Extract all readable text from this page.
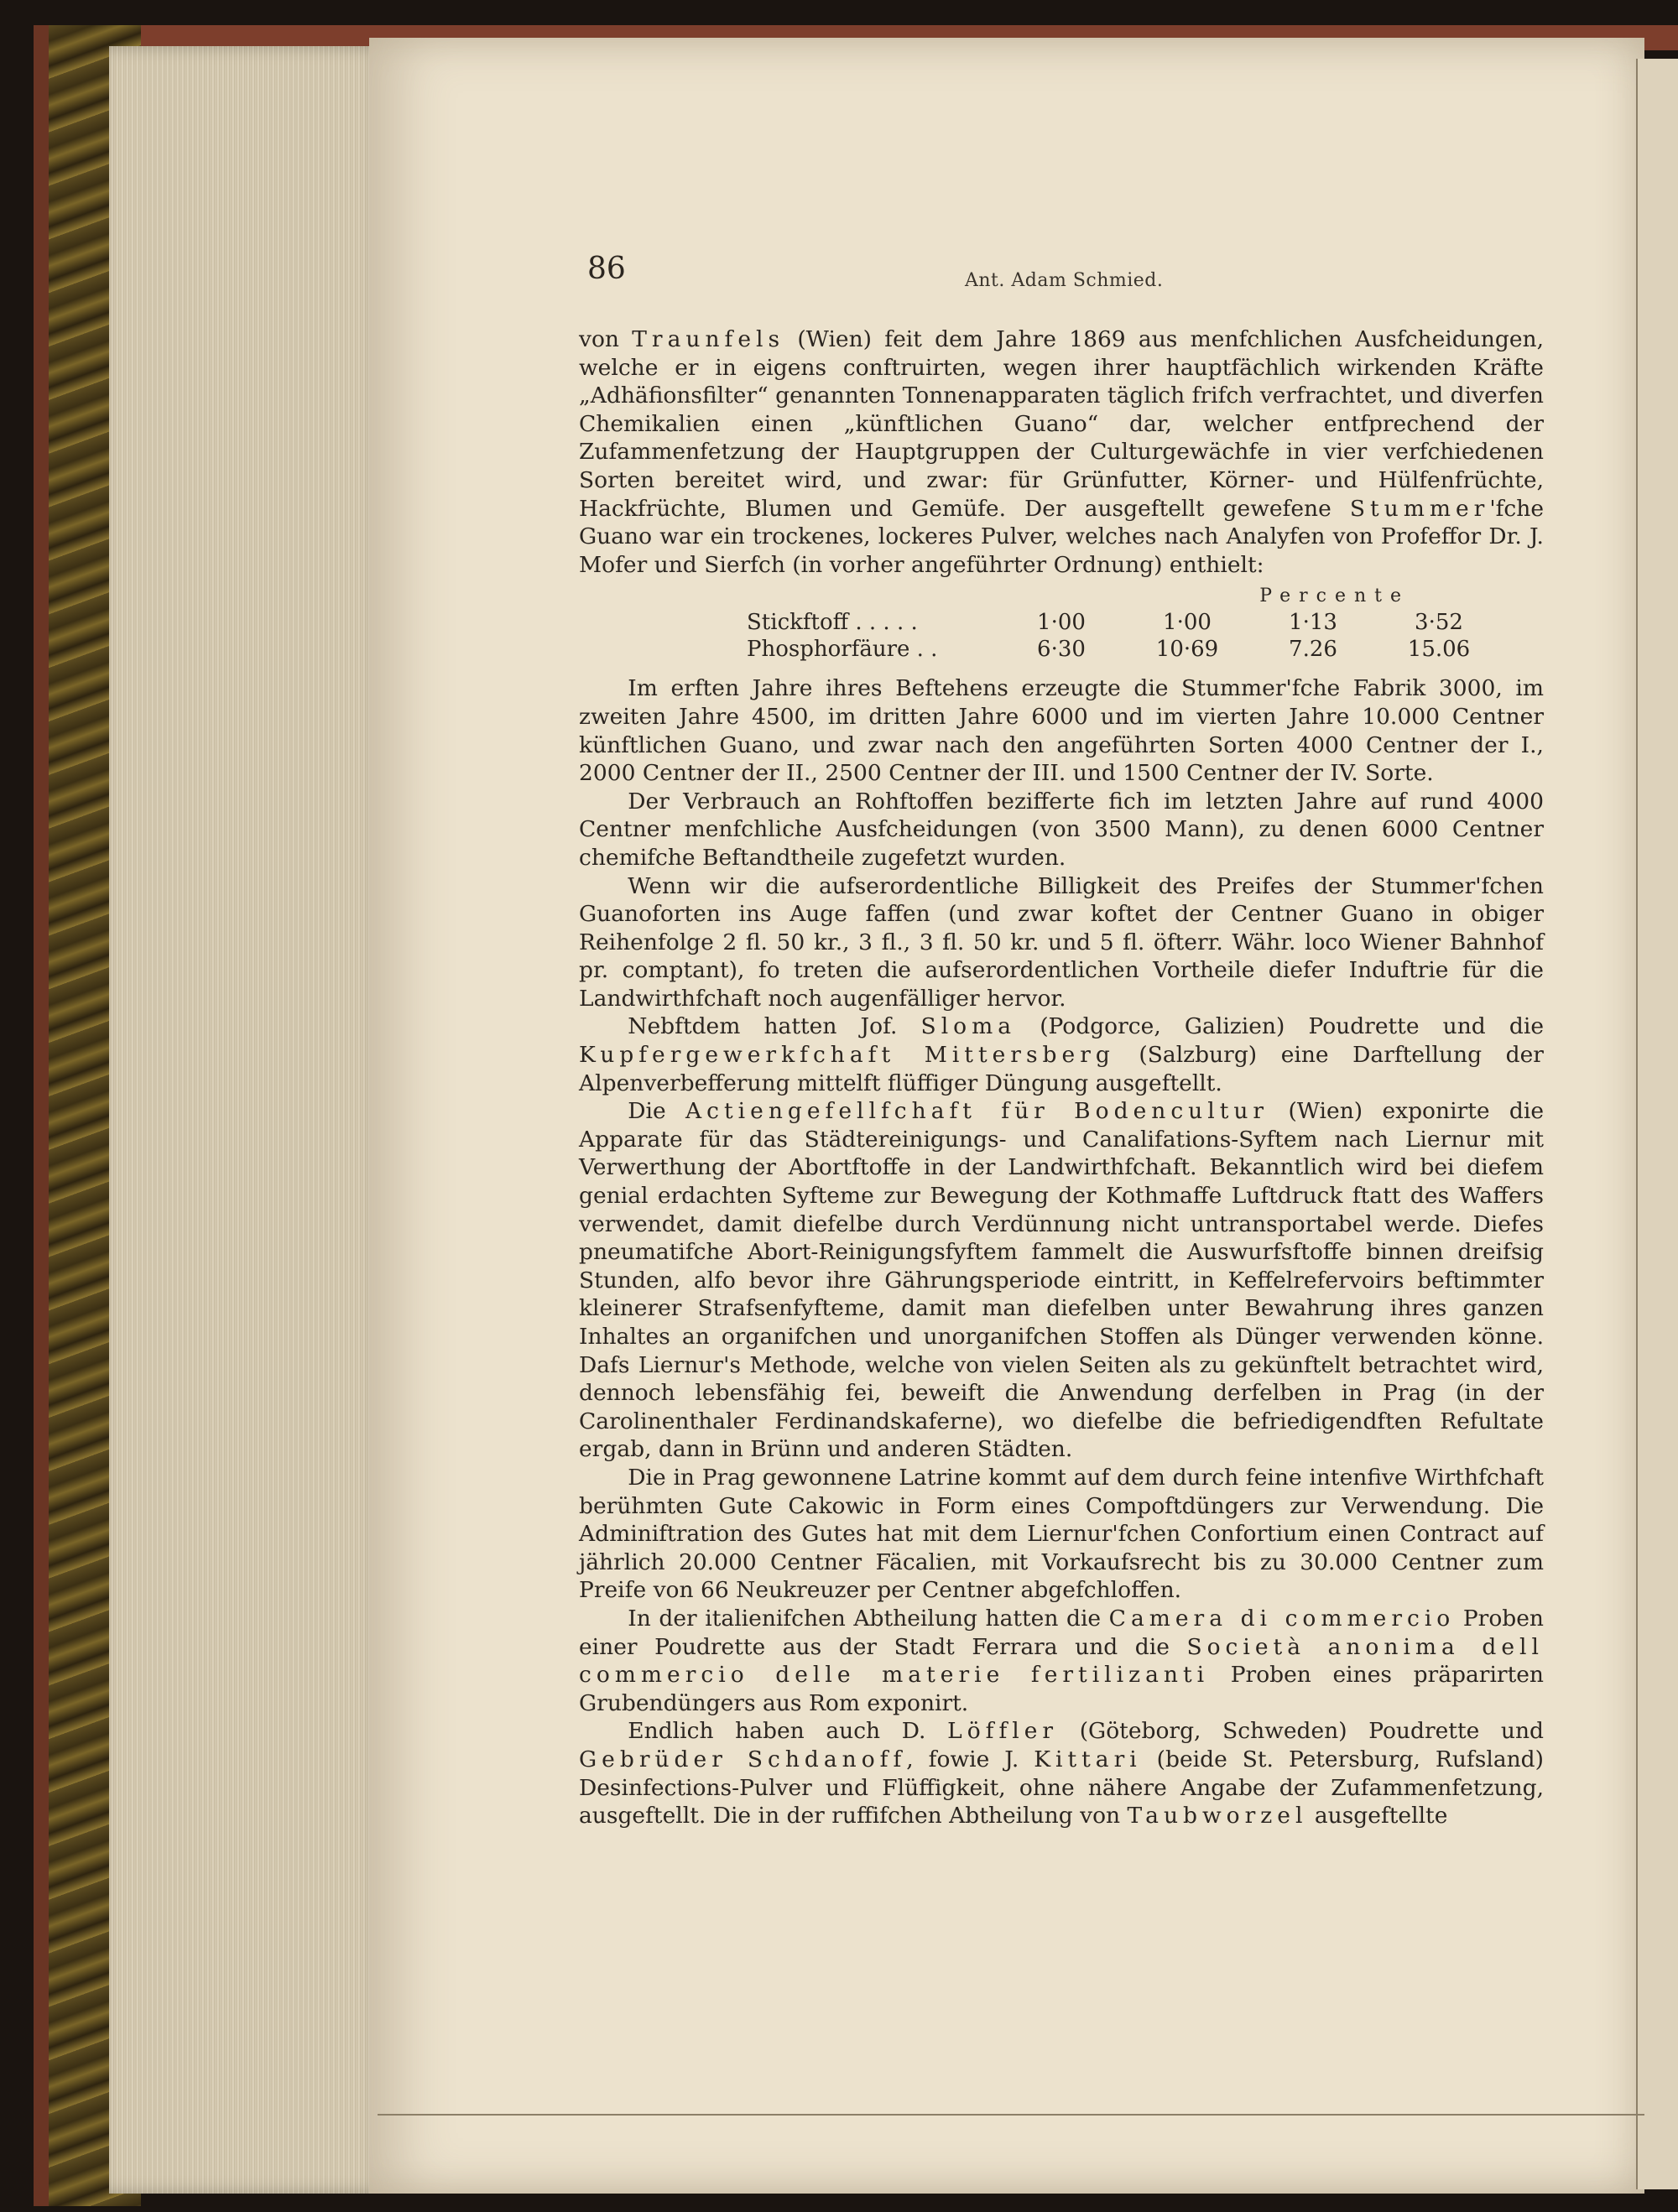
86	Ant. Adam Schmied.

von Traunfels (Wien) feit dem Jahre 1869 aus menfchlichen Ausfcheidungen, welche er in eigens conftruirten, wegen ihrer hauptfächlich wirkenden Kräfte „Adhäfionsfilter“ genannten Tonnenapparaten täglich frifch verfrachtet, und diverfen Chemikalien einen „künftlichen Guano“ dar, welcher entfprechend der Zufammenfetzung der Hauptgruppen der Culturgewächfe in vier verfchiedenen Sorten bereitet wird, und zwar: für Grünfutter, Körner- und Hülfenfrüchte, Hackfrüchte, Blumen und Gemüfe. Der ausgeftellt gewefene Stummer'fche Guano war ein trockenes, lockeres Pulver, welches nach Analyfen von Profeffor Dr. J. Mofer und Sierfch (in vorher angeführter Ordnung) enthielt:

Percente
Stickftoff . . . . .	1·00	1·00	1·13	3·52
Phosphorfäure . .	6·30	10·69	7.26	15.06

Im erften Jahre ihres Beftehens erzeugte die Stummer'fche Fabrik 3000, im zweiten Jahre 4500, im dritten Jahre 6000 und im vierten Jahre 10.000 Centner künftlichen Guano, und zwar nach den angeführten Sorten 4000 Centner der I., 2000 Centner der II., 2500 Centner der III. und 1500 Centner der IV. Sorte.

Der Verbrauch an Rohftoffen bezifferte fich im letzten Jahre auf rund 4000 Centner menfchliche Ausfcheidungen (von 3500 Mann), zu denen 6000 Centner chemifche Beftandtheile zugefetzt wurden.

Wenn wir die aufserordentliche Billigkeit des Preifes der Stummer'fchen Guanoforten ins Auge faffen (und zwar koftet der Centner Guano in obiger Reihenfolge 2 fl. 50 kr., 3 fl., 3 fl. 50 kr. und 5 fl. öfterr. Währ. loco Wiener Bahnhof pr. comptant), fo treten die aufserordentlichen Vortheile diefer Induftrie für die Landwirthfchaft noch augenfälliger hervor.

Nebftdem hatten Jof. Sloma (Podgorce, Galizien) Poudrette und die Kupfergewerkfchaft Mittersberg (Salzburg) eine Darftellung der Alpenverbefferung mittelft flüffiger Düngung ausgeftellt.

Die Actiengefellfchaft für Bodencultur (Wien) exponirte die Apparate für das Städtereinigungs- und Canalifations-Syftem nach Liernur mit Verwerthung der Abortftoffe in der Landwirthfchaft. Bekanntlich wird bei diefem genial erdachten Syfteme zur Bewegung der Kothmaffe Luftdruck ftatt des Waffers verwendet, damit diefelbe durch Verdünnung nicht untransportabel werde. Diefes pneumatifche Abort-Reinigungsfyftem fammelt die Auswurfsftoffe binnen dreifsig Stunden, alfo bevor ihre Gährungsperiode eintritt, in Keffelrefervoirs beftimmter kleinerer Strafsenfyfteme, damit man diefelben unter Bewahrung ihres ganzen Inhaltes an organifchen und unorganifchen Stoffen als Dünger verwenden könne. Dafs Liernur's Methode, welche von vielen Seiten als zu gekünftelt betrachtet wird, dennoch lebensfähig fei, beweift die Anwendung derfelben in Prag (in der Carolinenthaler Ferdinandskaferne), wo diefelbe die befriedigendften Refultate ergab, dann in Brünn und anderen Städten.

Die in Prag gewonnene Latrine kommt auf dem durch feine intenfive Wirthfchaft berühmten Gute Cakowic in Form eines Compoftdüngers zur Verwendung. Die Adminiftration des Gutes hat mit dem Liernur'fchen Confortium einen Contract auf jährlich 20.000 Centner Fäcalien, mit Vorkaufsrecht bis zu 30.000 Centner zum Preife von 66 Neukreuzer per Centner abgefchloffen.

In der italienifchen Abtheilung hatten die Camera di commercio Proben einer Poudrette aus der Stadt Ferrara und die Società anonima dell commercio delle materie fertilizanti Proben eines präparirten Grubendüngers aus Rom exponirt.

Endlich haben auch D. Löffler (Göteborg, Schweden) Poudrette und Gebrüder Schdanoff, fowie J. Kittari (beide St. Petersburg, Rufsland) Desinfections-Pulver und Flüffigkeit, ohne nähere Angabe der Zufammenfetzung, ausgeftellt. Die in der ruffifchen Abtheilung von Taubworzel ausgeftellte
